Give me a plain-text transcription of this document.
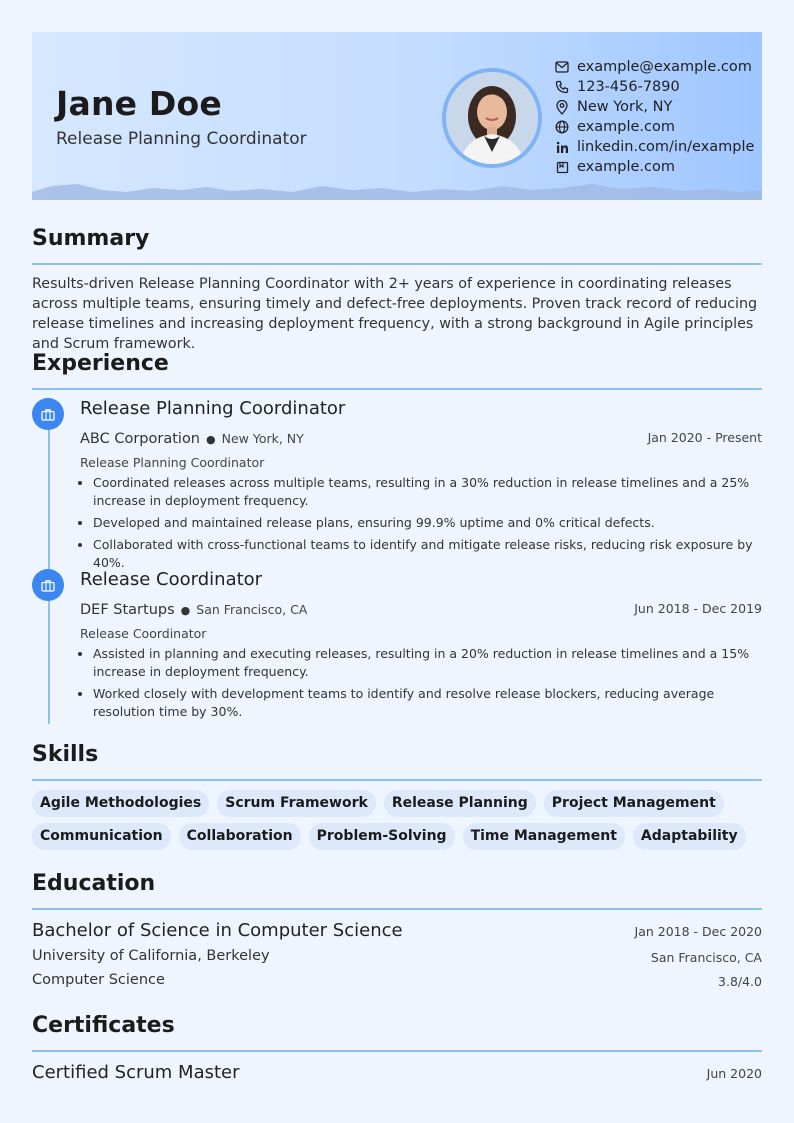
Jane Doe
Release Planning Coordinator
example@example.com
123-456-7890
New York, NY
example.com
linkedin.com/in/example
example.com
Summary
Results-driven Release Planning Coordinator with 2+ years of experience in coordinating releases across multiple teams, ensuring timely and defect-free deployments. Proven track record of reducing release timelines and increasing deployment frequency, with a strong background in Agile principles and Scrum framework.
Experience
Release Planning Coordinator
ABC Corporation ● New York, NY	Jan 2020 - Present
Release Planning Coordinator
• Coordinated releases across multiple teams, resulting in a 30% reduction in release timelines and a 25% increase in deployment frequency.
• Developed and maintained release plans, ensuring 99.9% uptime and 0% critical defects.
• Collaborated with cross-functional teams to identify and mitigate release risks, reducing risk exposure by 40%.
Release Coordinator
DEF Startups ● San Francisco, CA	Jun 2018 - Dec 2019
Release Coordinator
• Assisted in planning and executing releases, resulting in a 20% reduction in release timelines and a 15% increase in deployment frequency.
• Worked closely with development teams to identify and resolve release blockers, reducing average resolution time by 30%.
Skills
Agile Methodologies	Scrum Framework	Release Planning	Project Management
Communication	Collaboration	Problem-Solving	Time Management	Adaptability
Education
Bachelor of Science in Computer Science	Jan 2018 - Dec 2020
University of California, Berkeley	San Francisco, CA
Computer Science	3.8/4.0
Certificates
Certified Scrum Master	Jun 2020
